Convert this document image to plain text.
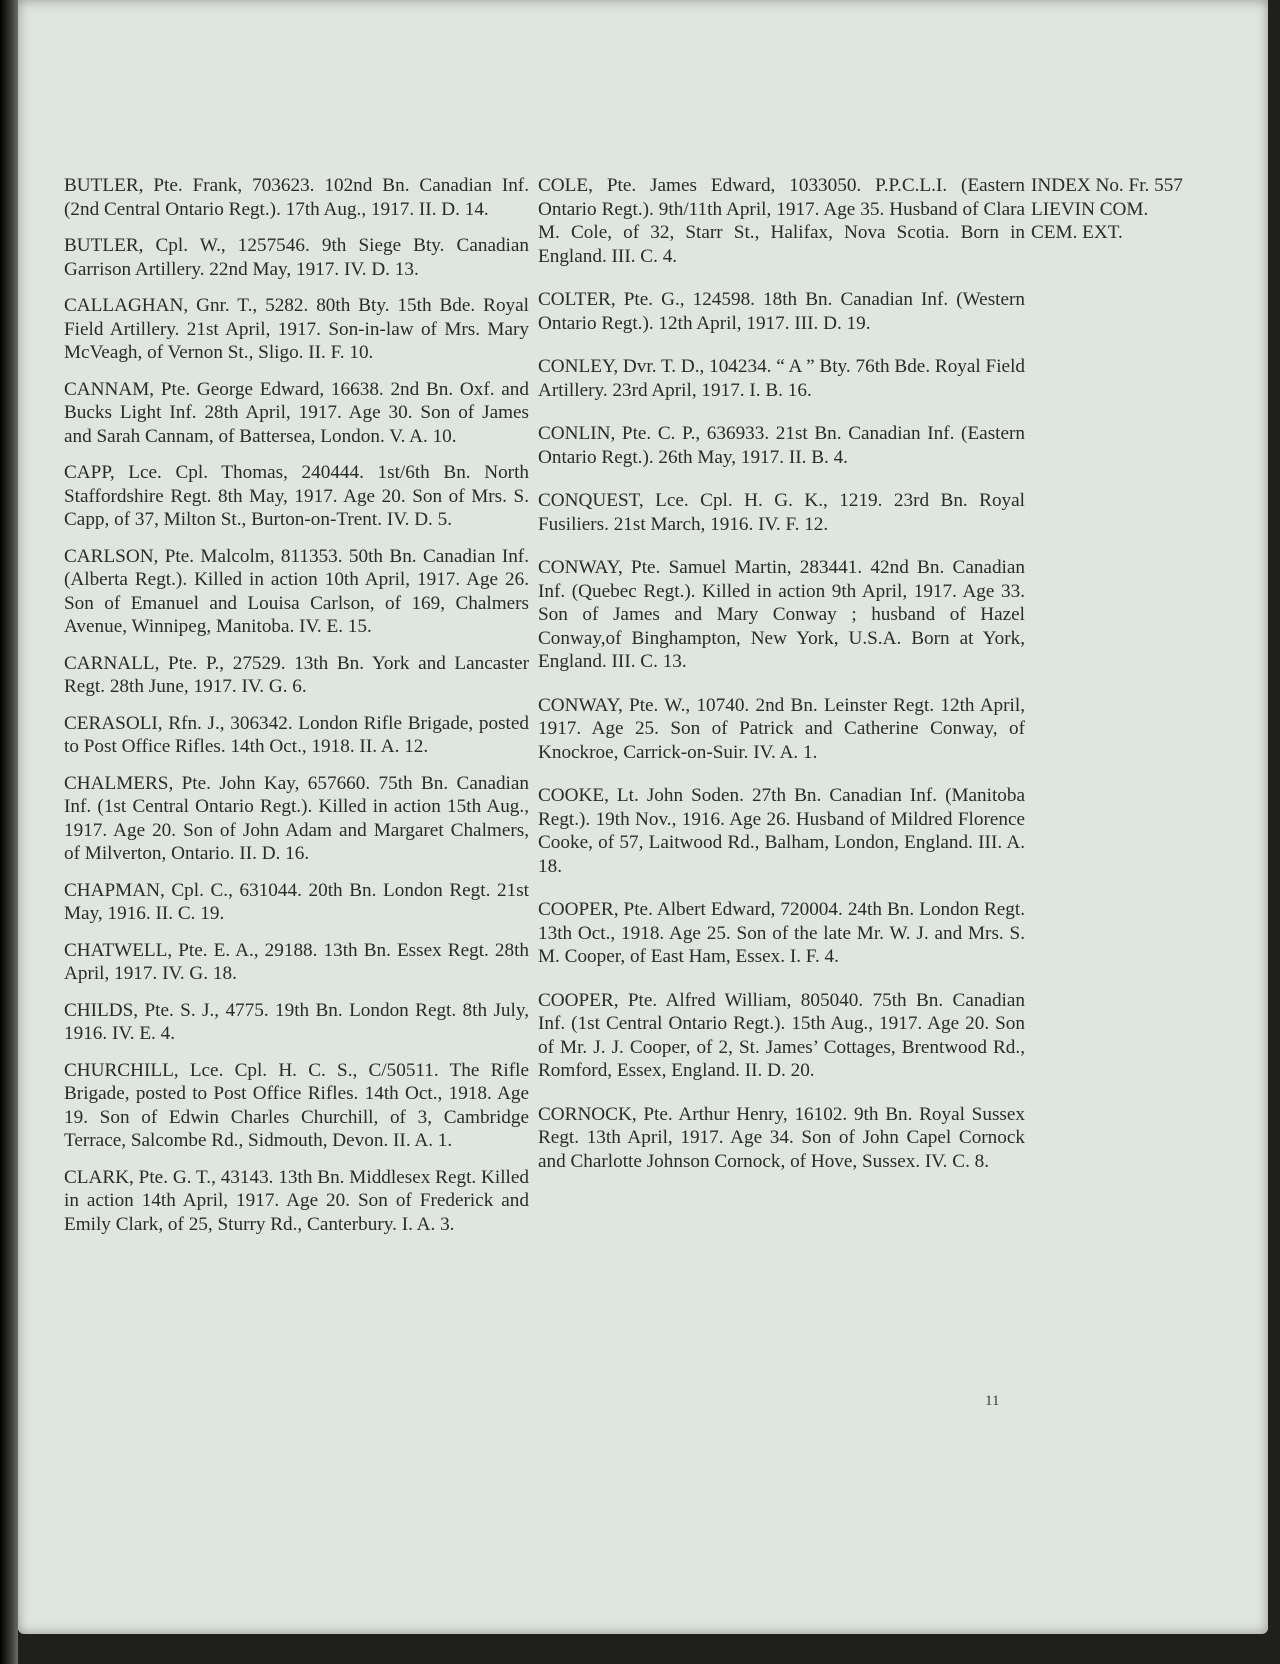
BUTLER, Pte. Frank, 703623. 102nd Bn. Canadian Inf. (2nd Central Ontario Regt.). 17th Aug., 1917. II. D. 14.

BUTLER, Cpl. W., 1257546. 9th Siege Bty. Canadian Garrison Artillery. 22nd May, 1917. IV. D. 13.

CALLAGHAN, Gnr. T., 5282. 80th Bty. 15th Bde. Royal Field Artillery. 21st April, 1917. Son-in-law of Mrs. Mary McVeagh, of Vernon St., Sligo. II. F. 10.

CANNAM, Pte. George Edward, 16638. 2nd Bn. Oxf. and Bucks Light Inf. 28th April, 1917. Age 30. Son of James and Sarah Cannam, of Battersea, London. V. A. 10.

CAPP, Lce. Cpl. Thomas, 240444. 1st/6th Bn. North Staffordshire Regt. 8th May, 1917. Age 20. Son of Mrs. S. Capp, of 37, Milton St., Burton-on-Trent. IV. D. 5.

CARLSON, Pte. Malcolm, 811353. 50th Bn. Canadian Inf. (Alberta Regt.). Killed in action 10th April, 1917. Age 26. Son of Emanuel and Louisa Carlson, of 169, Chalmers Avenue, Winnipeg, Manitoba. IV. E. 15.

CARNALL, Pte. P., 27529. 13th Bn. York and Lancaster Regt. 28th June, 1917. IV. G. 6.

CERASOLI, Rfn. J., 306342. London Rifle Brigade, posted to Post Office Rifles. 14th Oct., 1918. II. A. 12.

CHALMERS, Pte. John Kay, 657660. 75th Bn. Canadian Inf. (1st Central Ontario Regt.). Killed in action 15th Aug., 1917. Age 20. Son of John Adam and Margaret Chalmers, of Milverton, Ontario. II. D. 16.

CHAPMAN, Cpl. C., 631044. 20th Bn. London Regt. 21st May, 1916. II. C. 19.

CHATWELL, Pte. E. A., 29188. 13th Bn. Essex Regt. 28th April, 1917. IV. G. 18.

CHILDS, Pte. S. J., 4775. 19th Bn. London Regt. 8th July, 1916. IV. E. 4.

CHURCHILL, Lce. Cpl. H. C. S., C/50511. The Rifle Brigade, posted to Post Office Rifles. 14th Oct., 1918. Age 19. Son of Edwin Charles Churchill, of 3, Cambridge Terrace, Salcombe Rd., Sidmouth, Devon. II. A. 1.

CLARK, Pte. G. T., 43143. 13th Bn. Middlesex Regt. Killed in action 14th April, 1917. Age 20. Son of Frederick and Emily Clark, of 25, Sturry Rd., Canterbury. I. A. 3.

COLE, Pte. James Edward, 1033050. P.P.C.L.I. (Eastern Ontario Regt.). 9th/11th April, 1917. Age 35. Husband of Clara M. Cole, of 32, Starr St., Halifax, Nova Scotia. Born in England. III. C. 4.

COLTER, Pte. G., 124598. 18th Bn. Canadian Inf. (Western Ontario Regt.). 12th April, 1917. III. D. 19.

CONLEY, Dvr. T. D., 104234. “ A ” Bty. 76th Bde. Royal Field Artillery. 23rd April, 1917. I. B. 16.

CONLIN, Pte. C. P., 636933. 21st Bn. Canadian Inf. (Eastern Ontario Regt.). 26th May, 1917. II. B. 4.

CONQUEST, Lce. Cpl. H. G. K., 1219. 23rd Bn. Royal Fusiliers. 21st March, 1916. IV. F. 12.

CONWAY, Pte. Samuel Martin, 283441. 42nd Bn. Canadian Inf. (Quebec Regt.). Killed in action 9th April, 1917. Age 33. Son of James and Mary Conway ; husband of Hazel Conway,of Binghampton, New York, U.S.A. Born at York, England. III. C. 13.

CONWAY, Pte. W., 10740. 2nd Bn. Leinster Regt. 12th April, 1917. Age 25. Son of Patrick and Catherine Conway, of Knockroe, Carrick-on-Suir. IV. A. 1.

COOKE, Lt. John Soden. 27th Bn. Canadian Inf. (Manitoba Regt.). 19th Nov., 1916. Age 26. Husband of Mildred Florence Cooke, of 57, Laitwood Rd., Balham, London, England. III. A. 18.

COOPER, Pte. Albert Edward, 720004. 24th Bn. London Regt. 13th Oct., 1918. Age 25. Son of the late Mr. W. J. and Mrs. S. M. Cooper, of East Ham, Essex. I. F. 4.

COOPER, Pte. Alfred William, 805040. 75th Bn. Canadian Inf. (1st Central Ontario Regt.). 15th Aug., 1917. Age 20. Son of Mr. J. J. Cooper, of 2, St. James’ Cottages, Brentwood Rd., Romford, Essex, England. II. D. 20.

CORNOCK, Pte. Arthur Henry, 16102. 9th Bn. Royal Sussex Regt. 13th April, 1917. Age 34. Son of John Capel Cornock and Charlotte Johnson Cornock, of Hove, Sussex. IV. C. 8.

INDEX No. Fr. 557
LIEVIN COM.
CEM. EXT.
11
